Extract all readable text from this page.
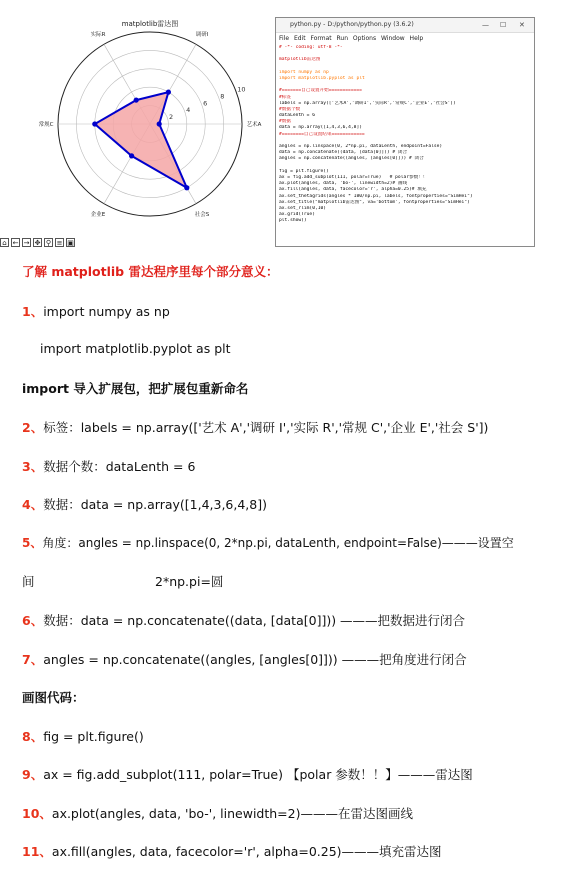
matplotlib雷达图
2
4
6
8
10
艺术A
调研I
实际R
常规C
企业E	社会S
⌂ ← → ✥ ⚲ ≡ ▣
python.py - D:/python/python.py (3.6.2)	— ☐ ✕
File Edit Format Run Options Window Help
# -*- coding: utf-8 -*-
matplotlib雷达图
import numpy as np
import matplotlib.pyplot as plt
#=======自己设置开始============
#标签
labels = np.array(['艺术A','调研I','实际R','常规C','企业E','社会S'])
#数据个数
dataLenth = 6
#数据
data = np.array([1,4,3,6,4,8])
#========自己设置结束============
angles = np.linspace(0, 2*np.pi, dataLenth, endpoint=False)
data = np.concatenate((data, [data[0]])) # 闭合
angles = np.concatenate((angles, [angles[0]])) # 闭合
fig = plt.figure()
ax = fig.add_subplot(111, polar=True)   # polar参数！！
ax.plot(angles, data, 'bo-', linewidth=2)# 画线
ax.fill(angles, data, facecolor='r', alpha=0.25)# 填充
ax.set_thetagrids(angles * 180/np.pi, labels, fontproperties="SimHei")
ax.set_title("matplotlib雷达图", va='bottom', fontproperties="SimHei")
ax.set_rlim(0,10)
ax.grid(True)
plt.show()
了解 matplotlib 雷达程序里每个部分意义：
1、import numpy as np
import matplotlib.pyplot as plt
import 导入扩展包，把扩展包重新命名
2、标签：labels = np.array(['艺术 A','调研 I','实际 R','常规 C','企业 E','社会 S'])
3、数据个数：dataLenth = 6
4、数据：data = np.array([1,4,3,6,4,8])
5、角度：angles = np.linspace(0, 2*np.pi, dataLenth, endpoint=False)———设置空
间	2*np.pi=圆
6、数据：data = np.concatenate((data, [data[0]])) ———把数据进行闭合
7、angles = np.concatenate((angles, [angles[0]])) ———把角度进行闭合
画图代码：
8、fig = plt.figure()
9、ax = fig.add_subplot(111, polar=True) 【polar 参数！！】———雷达图
10、ax.plot(angles, data, 'bo-', linewidth=2)———在雷达图画线
11、ax.fill(angles, data, facecolor='r', alpha=0.25)———填充雷达图
